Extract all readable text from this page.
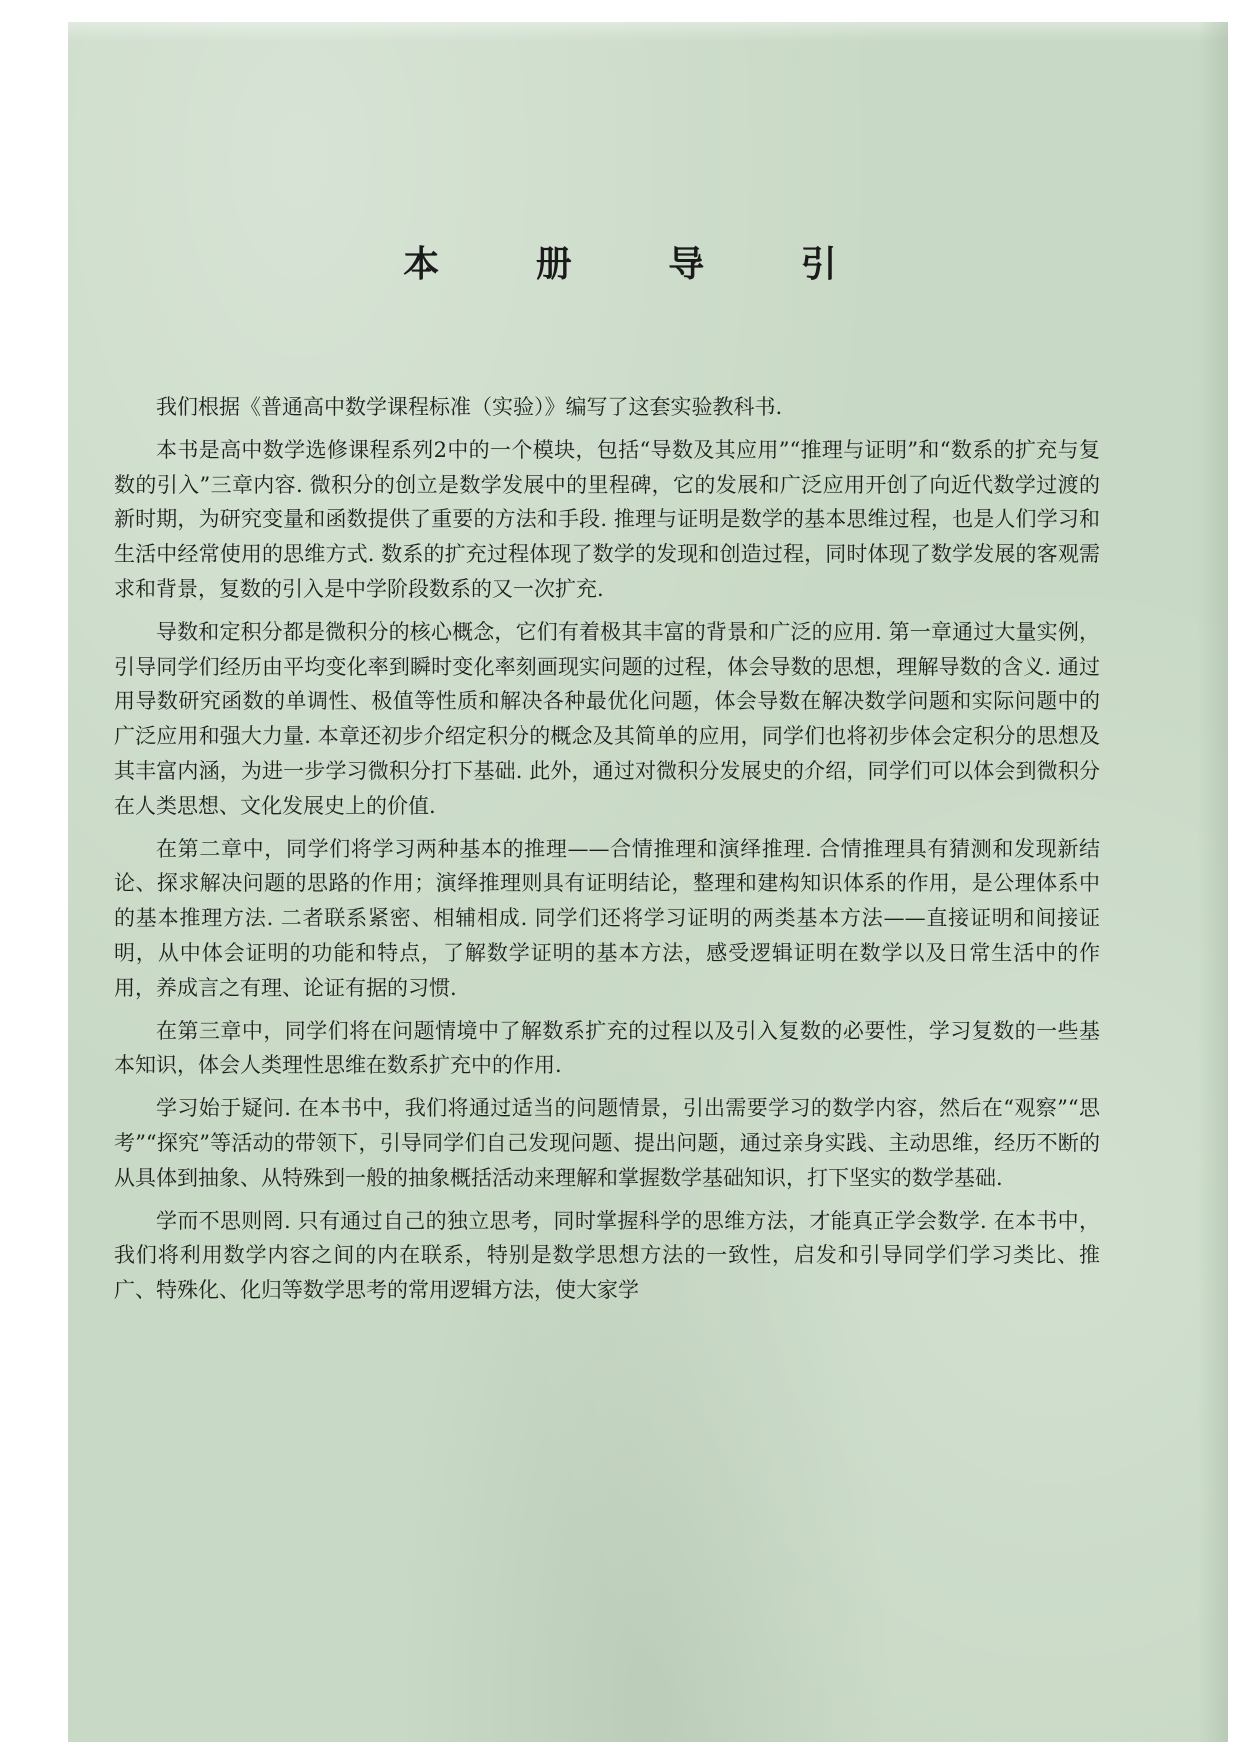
本 册 导 引

我们根据《普通高中数学课程标准（实验）》编写了这套实验教科书.

本书是高中数学选修课程系列2中的一个模块，包括“导数及其应用”“推理与证明”和“数系的扩充与复数的引入”三章内容. 微积分的创立是数学发展中的里程碑，它的发展和广泛应用开创了向近代数学过渡的新时期，为研究变量和函数提供了重要的方法和手段. 推理与证明是数学的基本思维过程，也是人们学习和生活中经常使用的思维方式. 数系的扩充过程体现了数学的发现和创造过程，同时体现了数学发展的客观需求和背景，复数的引入是中学阶段数系的又一次扩充.

导数和定积分都是微积分的核心概念，它们有着极其丰富的背景和广泛的应用. 第一章通过大量实例，引导同学们经历由平均变化率到瞬时变化率刻画现实问题的过程，体会导数的思想，理解导数的含义. 通过用导数研究函数的单调性、极值等性质和解决各种最优化问题，体会导数在解决数学问题和实际问题中的广泛应用和强大力量. 本章还初步介绍定积分的概念及其简单的应用，同学们也将初步体会定积分的思想及其丰富内涵，为进一步学习微积分打下基础. 此外，通过对微积分发展史的介绍，同学们可以体会到微积分在人类思想、文化发展史上的价值.

在第二章中，同学们将学习两种基本的推理——合情推理和演绎推理. 合情推理具有猜测和发现新结论、探求解决问题的思路的作用；演绎推理则具有证明结论，整理和建构知识体系的作用，是公理体系中的基本推理方法. 二者联系紧密、相辅相成. 同学们还将学习证明的两类基本方法——直接证明和间接证明，从中体会证明的功能和特点，了解数学证明的基本方法，感受逻辑证明在数学以及日常生活中的作用，养成言之有理、论证有据的习惯.

在第三章中，同学们将在问题情境中了解数系扩充的过程以及引入复数的必要性，学习复数的一些基本知识，体会人类理性思维在数系扩充中的作用.

学习始于疑问. 在本书中，我们将通过适当的问题情景，引出需要学习的数学内容，然后在“观察”“思考”“探究”等活动的带领下，引导同学们自己发现问题、提出问题，通过亲身实践、主动思维，经历不断的从具体到抽象、从特殊到一般的抽象概括活动来理解和掌握数学基础知识，打下坚实的数学基础.

学而不思则罔. 只有通过自己的独立思考，同时掌握科学的思维方法，才能真正学会数学. 在本书中，我们将利用数学内容之间的内在联系，特别是数学思想方法的一致性，启发和引导同学们学习类比、推广、特殊化、化归等数学思考的常用逻辑方法，使大家学
